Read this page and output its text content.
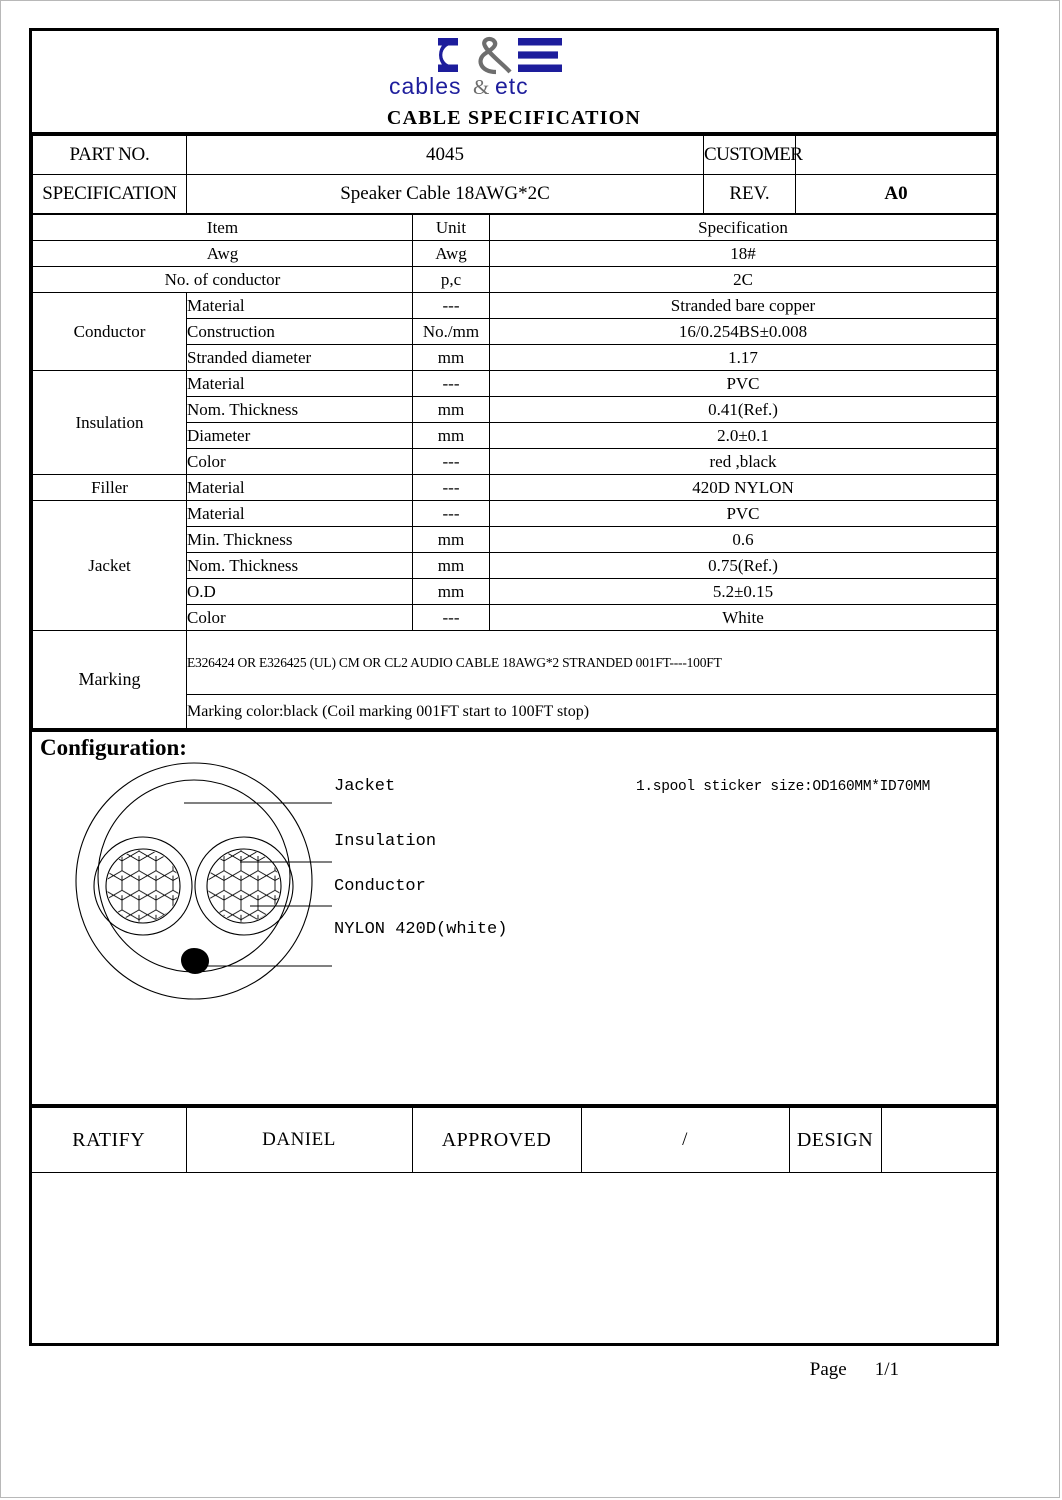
cables & etc
CABLE SPECIFICATION
PART NO.	4045	CUSTOMER	
SPECIFICATION	Speaker Cable 18AWG*2C	REV.	A0
Item		Unit	Specification
Awg		Awg	18#
No. of conductor		p,c	2C
Conductor	Material	---	Stranded bare copper
	Construction	No./mm	16/0.254BS±0.008
	Stranded diameter	mm	1.17
Insulation	Material	---	PVC
	Nom. Thickness	mm	0.41(Ref.)
	Diameter	mm	2.0±0.1
	Color	---	red ,black
Filler	Material	---	420D NYLON
Jacket	Material	---	PVC
	Min. Thickness	mm	0.6
	Nom. Thickness	mm	0.75(Ref.)
	O.D	mm	5.2±0.15
	Color	---	White
Marking	E326424 OR E326425 (UL) CM OR CL2 AUDIO CABLE 18AWG*2 STRANDED 001FT----100FT		
	Marking color:black (Coil marking 001FT start to 100FT stop)		
Configuration:
1.spool sticker size:OD160MM*ID70MM
Jacket
Insulation
Conductor
NYLON 420D(white)
RATIFY	DANIEL	APPROVED	/	DESIGN	
Page 1/1
